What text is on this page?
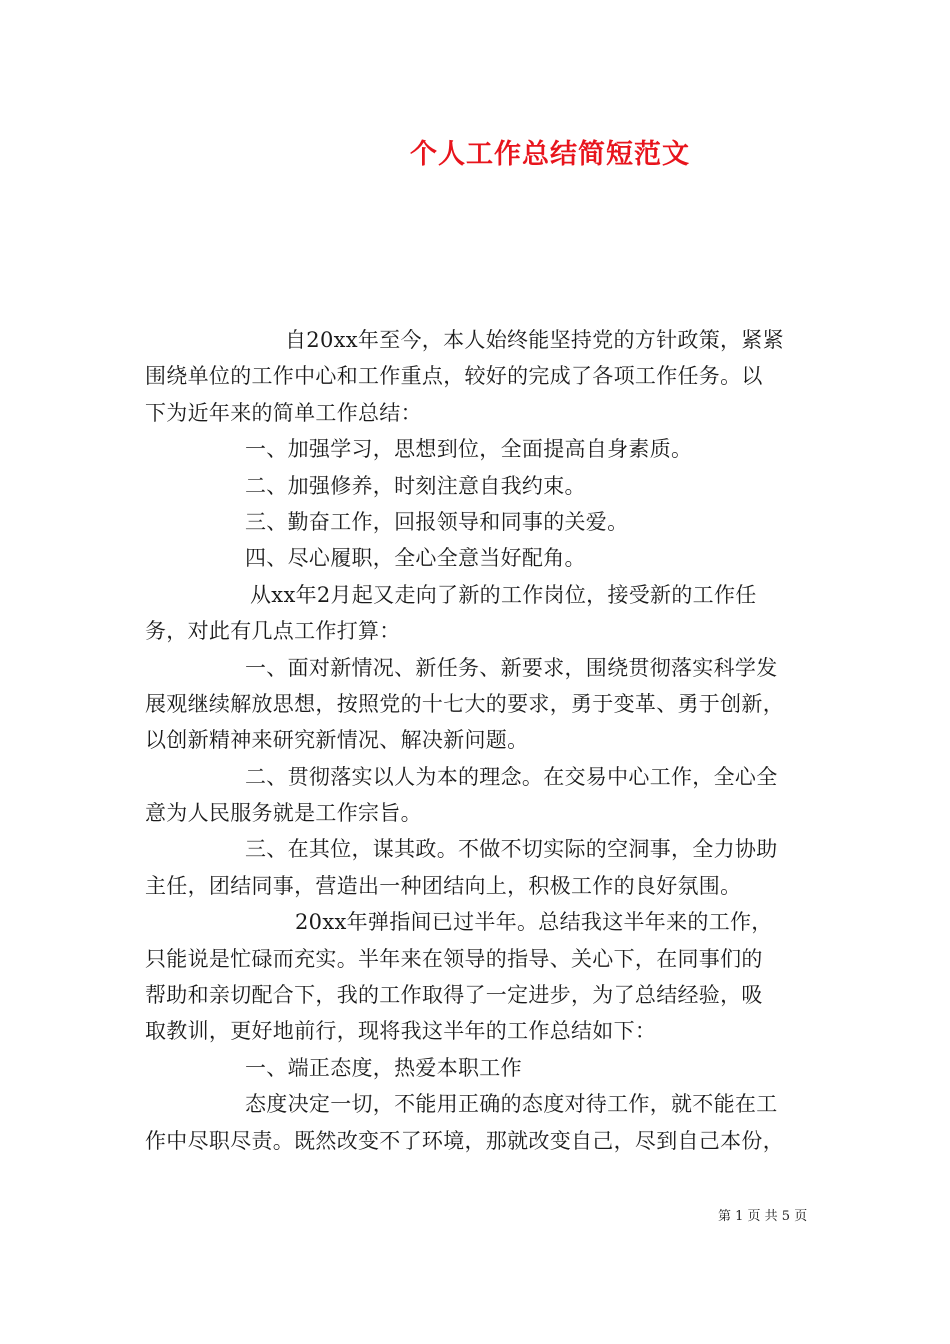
个人工作总结简短范文
自20xx年至今，本人始终能坚持党的方针政策，紧紧
围绕单位的工作中心和工作重点，较好的完成了各项工作任务。以
下为近年来的简单工作总结：
一、加强学习，思想到位，全面提高自身素质。
二、加强修养，时刻注意自我约束。
三、勤奋工作，回报领导和同事的关爱。
四、尽心履职，全心全意当好配角。
从xx年2月起又走向了新的工作岗位，接受新的工作任
务，对此有几点工作打算：
一、面对新情况、新任务、新要求，围绕贯彻落实科学发
展观继续解放思想，按照党的十七大的要求，勇于变革、勇于创新，
以创新精神来研究新情况、解决新问题。
二、贯彻落实以人为本的理念。在交易中心工作，全心全
意为人民服务就是工作宗旨。
三、在其位，谋其政。不做不切实际的空洞事，全力协助
主任，团结同事，营造出一种团结向上，积极工作的良好氛围。
20xx年弹指间已过半年。总结我这半年来的工作，
只能说是忙碌而充实。半年来在领导的指导、关心下，在同事们的
帮助和亲切配合下，我的工作取得了一定进步，为了总结经验，吸
取教训，更好地前行，现将我这半年的工作总结如下：
一、端正态度，热爱本职工作
态度决定一切，不能用正确的态度对待工作，就不能在工
作中尽职尽责。既然改变不了环境，那就改变自己，尽到自己本份，
第 1 页 共 5 页
